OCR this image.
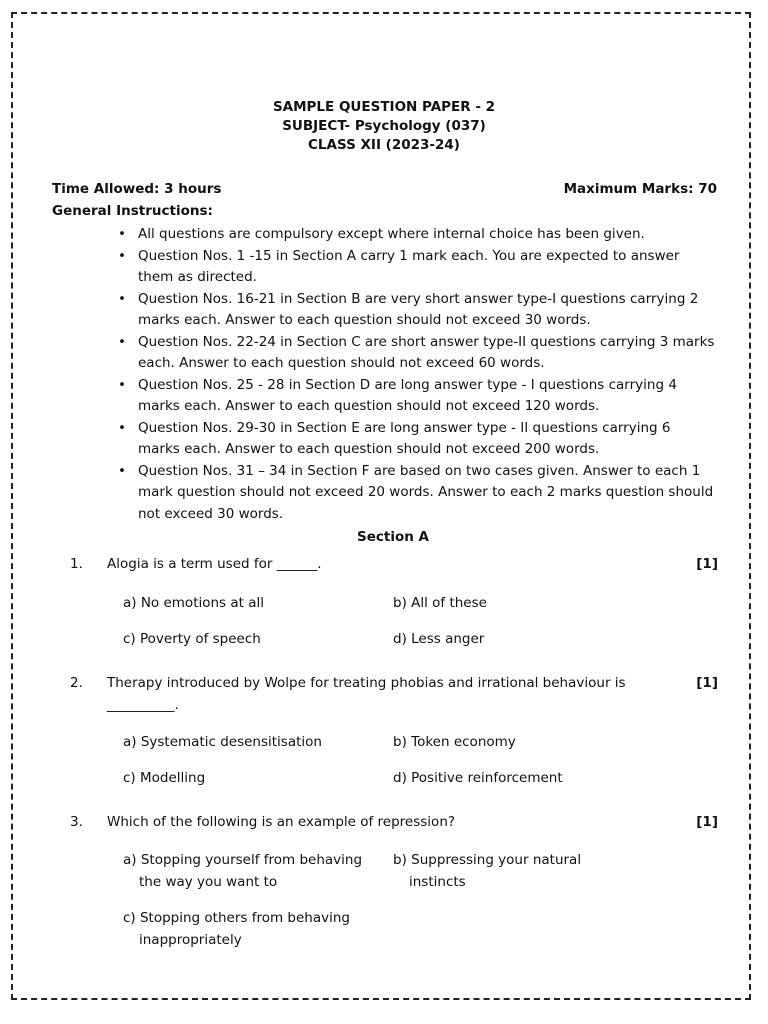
SAMPLE QUESTION PAPER - 2
SUBJECT- Psychology (037)
CLASS XII (2023-24)
Time Allowed: 3 hours	Maximum Marks: 70
General Instructions:
• All questions are compulsory except where internal choice has been given.
• Question Nos. 1 -15 in Section A carry 1 mark each. You are expected to answer them as directed.
• Question Nos. 16-21 in Section B are very short answer type-I questions carrying 2 marks each. Answer to each question should not exceed 30 words.
• Question Nos. 22-24 in Section C are short answer type-II questions carrying 3 marks each. Answer to each question should not exceed 60 words.
• Question Nos. 25 - 28 in Section D are long answer type - I questions carrying 4 marks each. Answer to each question should not exceed 120 words.
• Question Nos. 29-30 in Section E are long answer type - II questions carrying 6 marks each. Answer to each question should not exceed 200 words.
• Question Nos. 31 – 34 in Section F are based on two cases given. Answer to each 1 mark question should not exceed 20 words. Answer to each 2 marks question should not exceed 30 words.
Section A
1. Alogia is a term used for ______.	[1]
a) No emotions at all	b) All of these
c) Poverty of speech	d) Less anger
2. Therapy introduced by Wolpe for treating phobias and irrational behaviour is __________.
[1]
a) Systematic desensitisation	b) Token economy
c) Modelling	d) Positive reinforcement
3. Which of the following is an example of repression?	[1]
a) Stopping yourself from behaving the way you want to
b) Suppressing your natural instincts
c) Stopping others from behaving inappropriately
